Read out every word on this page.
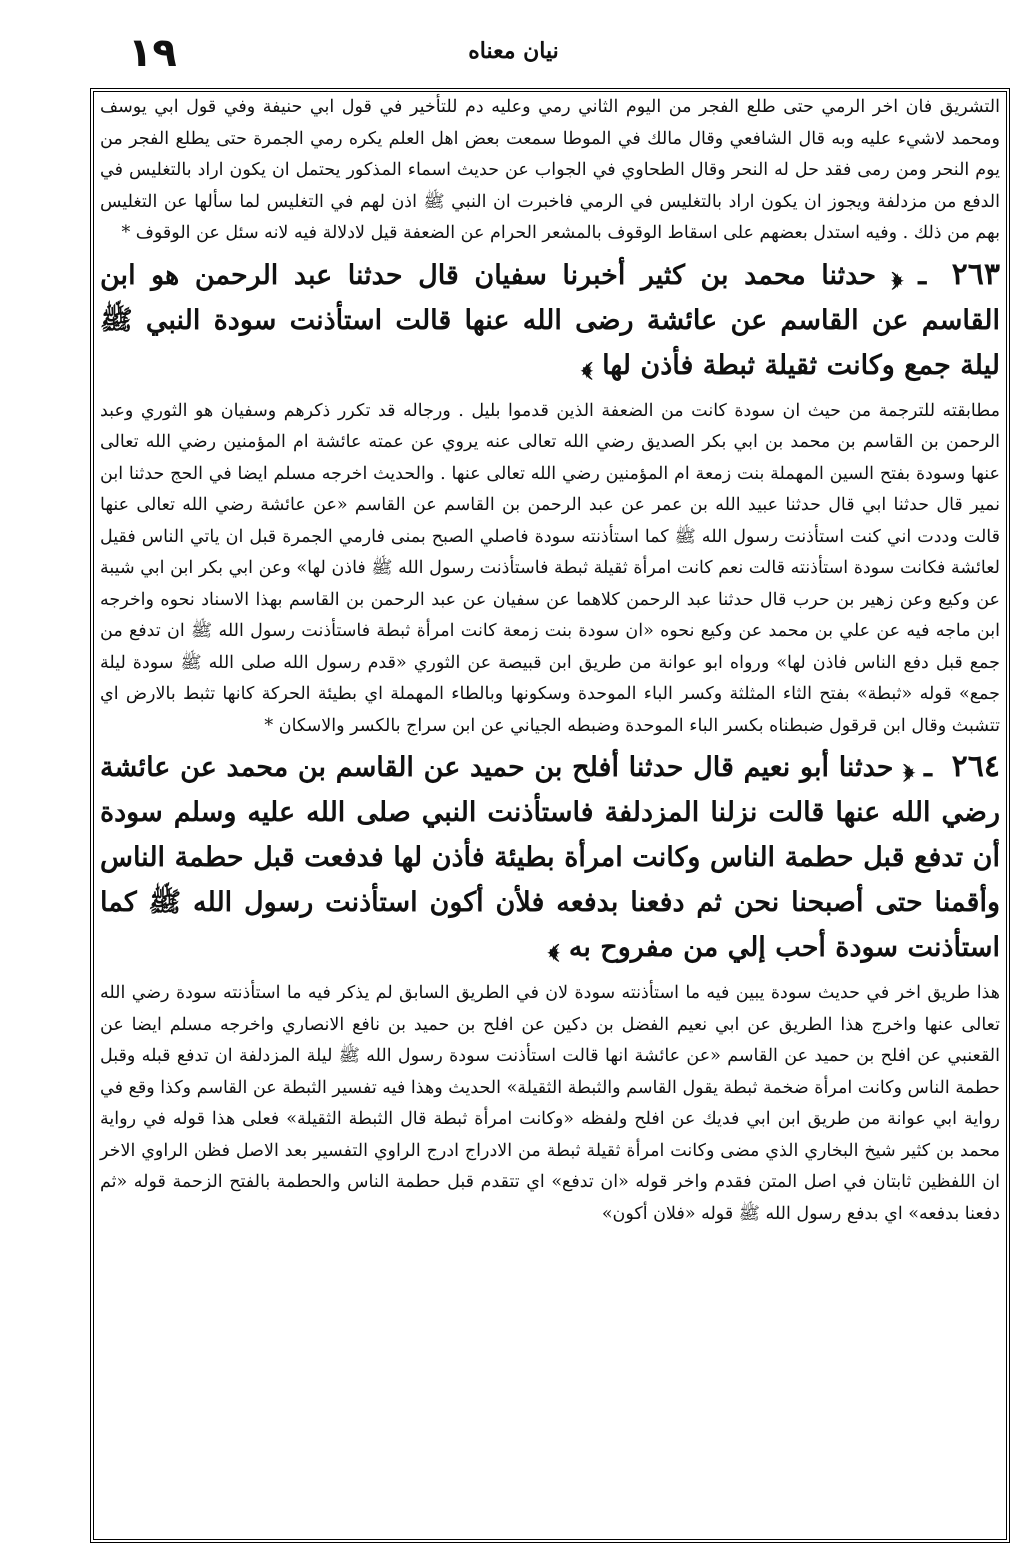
١٩	نيان معناه

التشريق فان اخر الرمي حتى طلع الفجر من اليوم الثاني رمي وعليه دم للتأخير في قول ابي حنيفة وفي قول ابي يوسف ومحمد لاشيء عليه وبه قال الشافعي وقال مالك في الموطا سمعت بعض اهل العلم يكره رمي الجمرة حتى يطلع الفجر من يوم النحر ومن رمى فقد حل له النحر وقال الطحاوي في الجواب عن حديث اسماء المذكور يحتمل ان يكون اراد بالتغليس في الدفع من مزدلفة ويجوز ان يكون اراد بالتغليس في الرمي فاخبرت ان النبي ﷺ اذن لهم في التغليس لما سألها عن التغليس بهم من ذلك . وفيه استدل بعضهم على اسقاط الوقوف بالمشعر الحرام عن الضعفة قيل لادلالة فيه لانه سئل عن الوقوف *

٢٦٣ ـ ﴿ حدثنا محمد بن كثير أخبرنا سفيان قال حدثنا عبد الرحمن هو ابن القاسم عن القاسم عن عائشة رضى الله عنها قالت استأذنت سودة النبي ﷺ ليلة جمع وكانت ثقيلة ثبطة فأذن لها ﴾

مطابقته للترجمة من حيث ان سودة كانت من الضعفة الذين قدموا بليل . ورجاله قد تكرر ذكرهم وسفيان هو الثوري وعبد الرحمن بن القاسم بن محمد بن ابي بكر الصديق رضي الله تعالى عنه يروي عن عمته عائشة ام المؤمنين رضي الله تعالى عنها وسودة بفتح السين المهملة بنت زمعة ام المؤمنين رضي الله تعالى عنها . والحديث اخرجه مسلم ايضا في الحج حدثنا ابن نمير قال حدثنا ابي قال حدثنا عبيد الله بن عمر عن عبد الرحمن بن القاسم عن القاسم «عن عائشة رضي الله تعالى عنها قالت وددت اني كنت استأذنت رسول الله ﷺ كما استأذنته سودة فاصلي الصبح بمنى فارمي الجمرة قبل ان ياتي الناس فقيل لعائشة فكانت سودة استأذنته قالت نعم كانت امرأة ثقيلة ثبطة فاستأذنت رسول الله ﷺ فاذن لها» وعن ابي بكر ابن ابي شيبة عن وكيع وعن زهير بن حرب قال حدثنا عبد الرحمن كلاهما عن سفيان عن عبد الرحمن بن القاسم بهذا الاسناد نحوه واخرجه ابن ماجه فيه عن علي بن محمد عن وكيع نحوه «ان سودة بنت زمعة كانت امرأة ثبطة فاستأذنت رسول الله ﷺ ان تدفع من جمع قبل دفع الناس فاذن لها» ورواه ابو عوانة من طريق ابن قبيصة عن الثوري «قدم رسول الله صلى الله ﷺ سودة ليلة جمع» قوله «ثبطة» بفتح الثاء المثلثة وكسر الباء الموحدة وسكونها وبالطاء المهملة اي بطيئة الحركة كانها تثبط بالارض اي تتشبث وقال ابن قرقول ضبطناه بكسر الباء الموحدة وضبطه الجياني عن ابن سراج بالكسر والاسكان *

٢٦٤ ـ ﴿ حدثنا أبو نعيم قال حدثنا أفلح بن حميد عن القاسم بن محمد عن عائشة رضي الله عنها قالت نزلنا المزدلفة فاستأذنت النبي صلى الله عليه وسلم سودة أن تدفع قبل حطمة الناس وكانت امرأة بطيئة فأذن لها فدفعت قبل حطمة الناس وأقمنا حتى أصبحنا نحن ثم دفعنا بدفعه فلأن أكون استأذنت رسول الله ﷺ كما استأذنت سودة أحب إلي من مفروح به ﴾

هذا طريق اخر في حديث سودة يبين فيه ما استأذنته سودة لان في الطريق السابق لم يذكر فيه ما استأذنته سودة رضي الله تعالى عنها واخرج هذا الطريق عن ابي نعيم الفضل بن دكين عن افلح بن حميد بن نافع الانصاري واخرجه مسلم ايضا عن القعنبي عن افلح بن حميد عن القاسم «عن عائشة انها قالت استأذنت سودة رسول الله ﷺ ليلة المزدلفة ان تدفع قبله وقبل حطمة الناس وكانت امرأة ضخمة ثبطة يقول القاسم والثبطة الثقيلة» الحديث وهذا فيه تفسير الثبطة عن القاسم وكذا وقع في رواية ابي عوانة من طريق ابن ابي فديك عن افلح ولفظه «وكانت امرأة ثبطة قال الثبطة الثقيلة» فعلى هذا قوله في رواية محمد بن كثير شيخ البخاري الذي مضى وكانت امرأة ثقيلة ثبطة من الادراج ادرج الراوي التفسير بعد الاصل فظن الراوي الاخر ان اللفظين ثابتان في اصل المتن فقدم واخر قوله «ان تدفع» اي تتقدم قبل حطمة الناس والحطمة بالفتح الزحمة قوله «ثم دفعنا بدفعه» اي بدفع رسول الله ﷺ قوله «فلان أكون»
